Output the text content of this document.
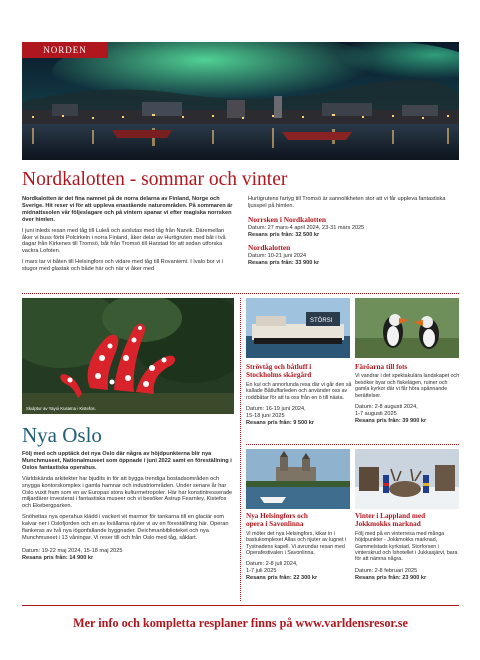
NORDEN
Nordkalotten - sommar och vinter

Nordkalotten är det fina namnet på de norra delarna av Finland, Norge och Sverige. Hit reser vi för att uppleva enastående naturområden. På sommaren är midnattssolen vår följeslagare och på vintern spanar vi efter magiska norrsken över himlen.

I juni inleds resan med tåg till Luleå och avslutas med tåg från Narvik. Däremellan åker vi buss förbi Polcirkeln i norra Finland, åker delar av Hurtigruten med båt i två dagar från Kirkenes till Tromsö, båt från Tromsö till Harstad för att sedan utforska vackra Lofoten.

I mars tar vi båten till Helsingfors och vidare med tåg till Rovaniemi. I Ivalo bor vi i stugor med glastak och både här och när vi åker med

Hurtigrutens fartyg till Tromsö är sannolikheten stor att vi får uppleva fantastiska ljusspel på himlen.

Norrsken i Nordkalotten

Datum: 27 mars-4 april 2024, 23-31 mars 2025

Resans pris från: 32 500 kr

Nordkalotten

Datum: 10-21 juni 2024

Resans pris från: 33 900 kr

Skulptur av Yayoi Kusama i Kistefos.
Nya Oslo

Följ med och upptäck det nya Oslo där några av höjdpunkterna blir nya Munchmuseet, Nationalmuseet som öppnade i juni 2022 samt en föreställning i Oslos fantastiska operahus.

Världskända arkitekter har bjudits in för att bygga trendiga bostadsområden och snygga kontorskomplex i gamla hamnar och industriområden. Under senare år har Oslo vuxit fram som en av Europas stora kulturmetropoler. Här har konstintresserade miljardärer investerat i fantastiska museer och vi besöker Astrup Fearnley, Kistefos och Ekebergparken.

Snöhettas nya operahus klädd i vackert vit marmor för tankarna till en glaciär som kalvar ner i Oslofjorden och en av kvällarna njuter vi av en föreställning här. Operan flankeras av två nya iögonfallande byggnader. Deichmanbiblioteket och nya Munchmuseet i 13 våningar. Vi reser till och från Oslo med tåg, såklart.

Datum: 19-22 maj 2024, 15-18 maj 2025

Resans pris från: 14 900 kr

STÖRSI

Strövtåg och båtluff i
Stockholms skärgård

En kul och annorlunda resa där vi går den så kallade Båtluffarleden och använder oss av roddbåtar för att ta oss från en ö till nästa.

Datum: 16-19 juni 2024,
15-18 juni 2025

Resans pris från: 9 500 kr

Färöarna till fots

Vi vandrar i det spektakulära landskapet och besöker byar och fiskelägen, ruiner och gamla kyrkor där vi får höra spännande berättelser.

Datum: 2-8 augusti 2024,
1-7 augusti 2025

Resans pris från: 39 900 kr

Nya Helsingfors och
opera i Savonlinna

Vi möter det nya Helsingfors, kikar in i bastukomplexet Allas och njuter av lugnet i Tystnadens kapell. Vi avrundar resan med Operafestivalen i Savonlinna.

Datum: 2-8 juli 2024,
1-7 juli 2025

Resans pris från: 22 300 kr

Vinter i Lappland med
Jokkmokks marknad

Följ med på en vinterresa med många höjdpunkter - Jokkmokks marknad, Gammelstads kyrkstad, Storforsen i vinterskrud och Ishotellet i Jukkasjärvi, bara för att nämna några.

Datum: 2-8 februari 2025

Resans pris från: 23 900 kr

Mer info och kompletta resplaner finns på www.varldensresor.se
